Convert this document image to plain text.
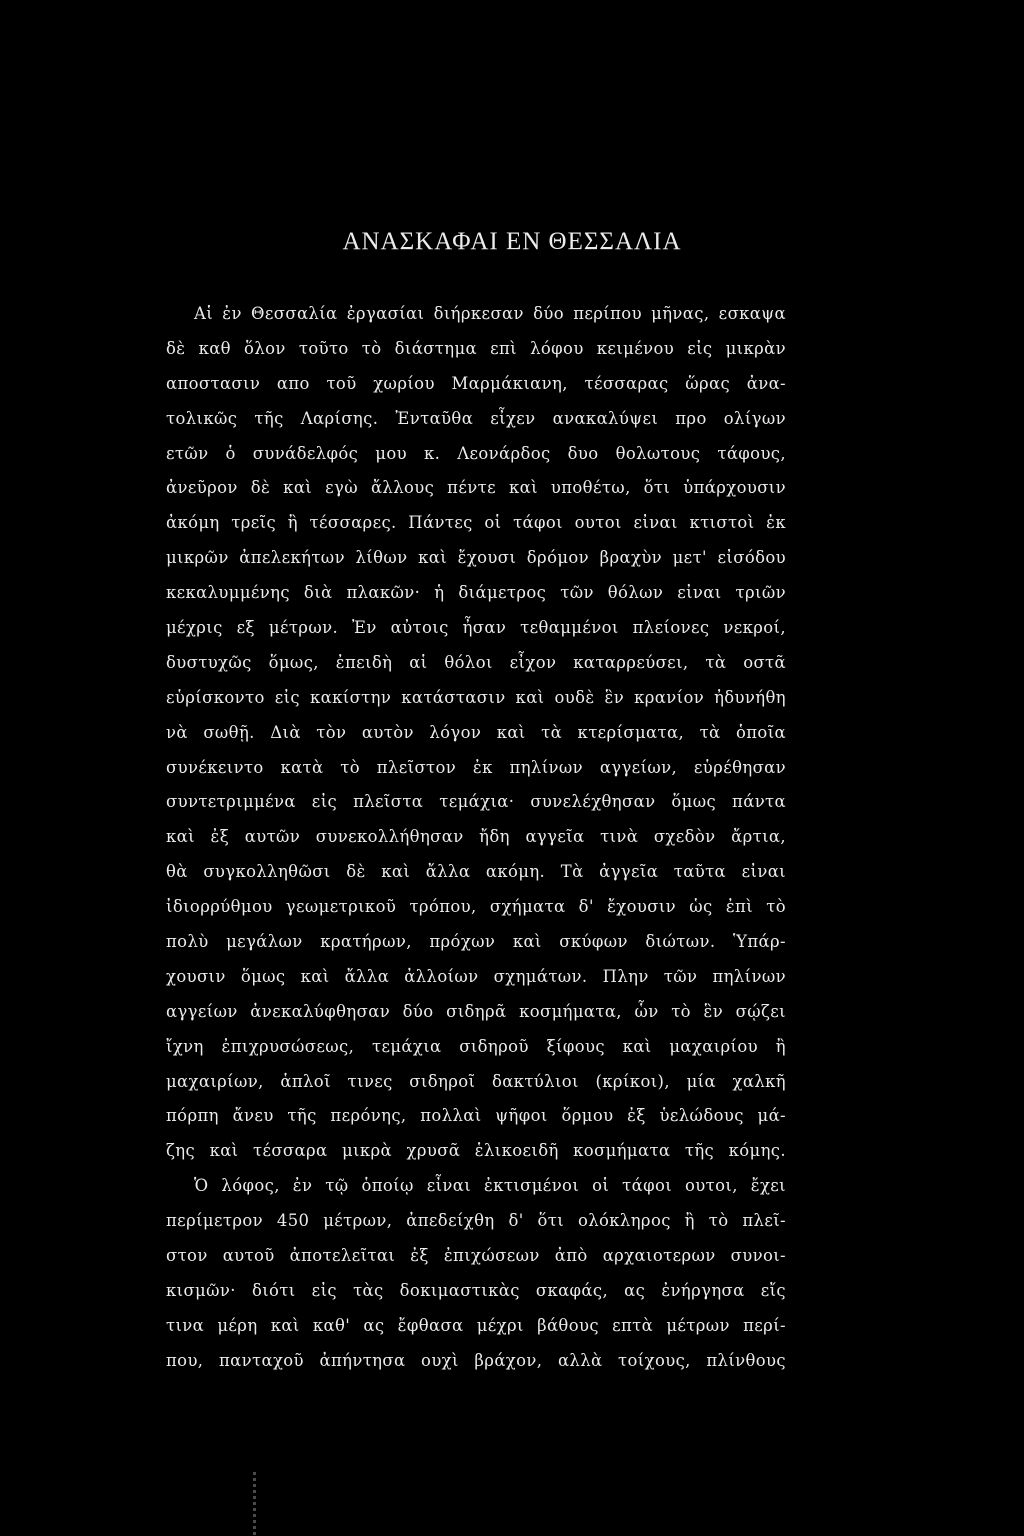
ΑΝΑΣΚΑΦΑΙ ΕΝ ΘΕΣΣΑΛΙΑ
Αἱ ἐν Θεσσαλία ἐργασίαι διήρκεσαν δύο περίπου μῆνας, εσκαψα
δὲ καθ ὅλον τοῦτο τὸ διάστημα επὶ λόφου κειμένου εἰς μικρὰν
αποστασιν απο τοῦ χωρίου Μαρμάκιανη, τέσσαρας ὥρας ἀνα-
τολικῶς τῆς Λαρίσης. Ἐνταῦθα εἶχεν ανακαλύψει προ ολίγων
ετῶν ὁ συνάδελφός μου κ. Λεονάρδος δυο θολωτους τάφους,
ἀνεῦρον δὲ καὶ εγὼ ἄλλους πέντε καὶ υποθέτω, ὅτι ὑπάρχουσιν
ἀκόμη τρεῖς ἢ τέσσαρες. Πάντες οἱ τάφοι ουτοι εἰναι κτιστοὶ ἐκ
μικρῶν ἀπελεκήτων λίθων καὶ ἔχουσι δρόμον βραχὺν μετ' εἰσόδου
κεκαλυμμένης διὰ πλακῶν· ἡ διάμετρος τῶν θόλων εἰναι τριῶν
μέχρις εξ μέτρων. Ἐν αὐτοις ἦσαν τεθαμμένοι πλείονες νεκροί,
δυστυχῶς ὅμως, ἐπειδὴ αἱ θόλοι εἶχον καταρρεύσει, τὰ οστᾶ
εὑρίσκοντο εἰς κακίστην κατάστασιν καὶ ουδὲ ἓν κρανίον ἠδυνήθη
νὰ σωθῇ. Διὰ τὸν αυτὸν λόγον καὶ τὰ κτερίσματα, τὰ ὁποῖα
συνέκειντο κατὰ τὸ πλεῖστον ἐκ πηλίνων αγγείων, εὑρέθησαν
συντετριμμένα εἰς πλεῖστα τεμάχια· συνελέχθησαν ὅμως πάντα
καὶ ἐξ αυτῶν συνεκολλήθησαν ἤδη αγγεῖα τινὰ σχεδὸν ἄρτια,
θὰ συγκολληθῶσι δὲ καὶ ἄλλα ακόμη. Τὰ ἀγγεῖα ταῦτα εἰναι
ἰδιορρύθμου γεωμετρικοῦ τρόπου, σχήματα δ' ἔχουσιν ὡς ἐπὶ τὸ
πολὺ μεγάλων κρατήρων, πρόχων καὶ σκύφων διώτων. Ὑπάρ-
χουσιν ὅμως καὶ ἄλλα ἀλλοίων σχημάτων. Πλην τῶν πηλίνων
αγγείων ἀνεκαλύφθησαν δύο σιδηρᾶ κοσμήματα, ὧν τὸ ἓν σῴζει
ἴχνη ἐπιχρυσώσεως, τεμάχια σιδηροῦ ξίφους καὶ μαχαιρίου ἢ
μαχαιρίων, ἁπλοῖ τινες σιδηροῖ δακτύλιοι (κρίκοι), μία χαλκῆ
πόρπη ἄνευ τῆς περόνης, πολλαὶ ψῆφοι ὅρμου ἐξ ὑελώδους μά-
ζης καὶ τέσσαρα μικρὰ χρυσᾶ ἑλικοειδῆ κοσμήματα τῆς κόμης.
Ὁ λόφος, ἐν τῷ ὁποίῳ εἶναι ἐκτισμένοι οἱ τάφοι ουτοι, ἔχει
περίμετρον 450 μέτρων, ἀπεδείχθη δ' ὅτι ολόκληρος ἢ τὸ πλεῖ-
στον αυτοῦ ἀποτελεῖται ἐξ ἐπιχώσεων ἀπὸ αρχαιοτερων συνοι-
κισμῶν· διότι εἰς τὰς δοκιμαστικὰς σκαφάς, ας ἐνήργησα εἴς
τινα μέρη καὶ καθ' ας ἔφθασα μέχρι βάθους επτὰ μέτρων περί-
που, πανταχοῦ ἀπήντησα ουχὶ βράχον, αλλὰ τοίχους, πλίνθους
